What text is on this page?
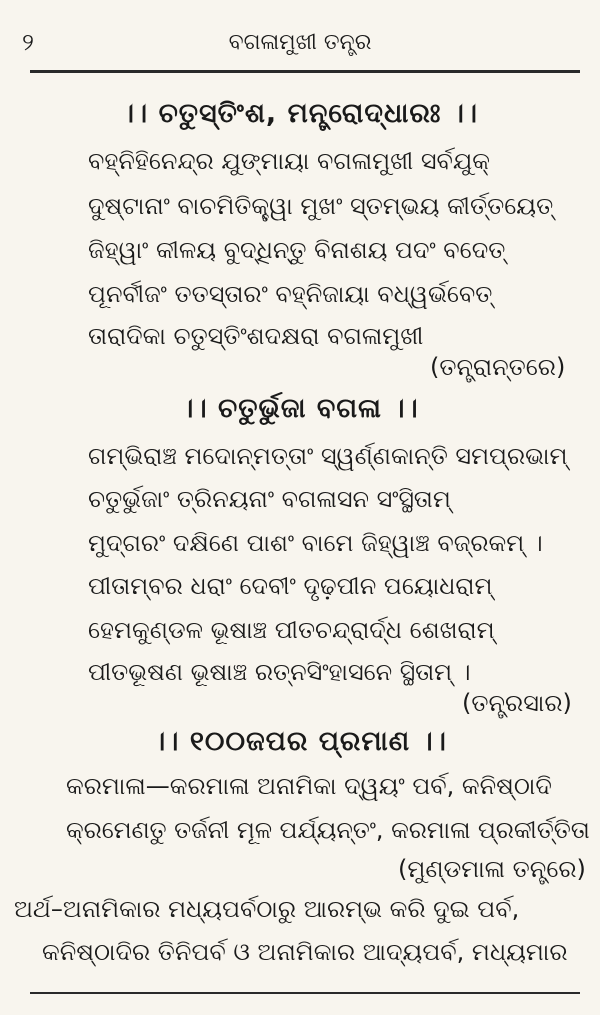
୨	ବଗଳାମୁଖୀ ତନ୍ତ୍ର
।। ଚତୁସ୍ତିଂଶ, ମନ୍ତ୍ରୋଦ୍ଧାରଃ ।।
ବହ୍ନିହିନେନ୍ଦ୍ର ଯୁଙ୍ମାୟା ବଗଳାମୁଖୀ ସର୍ବଯୁକ୍
ଦୁଷ୍ଟାନାଂ ବାଚମିତିକ୍ତ୍ୱା ମୁଖଂ ସ୍ତମ୍ଭୟ କୀର୍ତ୍ତୟେତ୍
ଜିହ୍ୱାଂ କୀଳୟ ବୁଦ୍ଧିନ୍ତୁ ବିନାଶୟ ପଦଂ ବଦେତ୍
ପୂନର୍ବୀଜଂ ତତସ୍ତାରଂ ବହ୍ନିଜାୟା ବଧ୍ୱର୍ଭବେତ୍
ତାରାଦିକା ଚତୁସ୍ତିଂଶଦକ୍ଷରା ବଗଳାମୁଖୀ
(ତନ୍ତ୍ରାନ୍ତରେ)
।। ଚତୁର୍ଭୁଜା ବଗଳା ।।
ଗମ୍ଭିରାଞ୍ଚ ମଦୋନ୍ମତ୍ତାଂ ସ୍ୱର୍ଣ୍ଣକାନ୍ତି ସମପ୍ରଭାମ୍
ଚତୁର୍ଭୁଜାଂ ତ୍ରିନୟନାଂ ବଗଳାସନ ସଂସ୍ଥିତାମ୍
ମୁଦ୍‌ଗରଂ ଦକ୍ଷିଣେ ପାଶଂ ବାମେ ଜିହ୍ୱାଞ୍ଚ ବଜ୍ରକମ୍ ।
ପୀତାମ୍ବର ଧରାଂ ଦେବୀଂ ଦୃଢ଼ପୀନ ପୟୋଧରାମ୍
ହେମକୁଣ୍ଡଳ ଭୂଷାଞ୍ଚ ପୀତଚନ୍ଦ୍ରାର୍ଦ୍ଧ ଶେଖରାମ୍
ପୀତଭୂଷଣ ଭୂଷାଞ୍ଚ ରତ୍ନସିଂହାସନେ ସ୍ଥିତାମ୍ ।
(ତନ୍ତ୍ରସାର)
।। ୧୦୦ଜପର ପ୍ରମାଣ ।।
କରମାଳା—କରମାଳା ଅନାମିକା ଦ୍ୱୟଂ ପର୍ବ, କନିଷ୍ଠାଦି
କ୍ରମେଣତୁ ତର୍ଜନୀ ମୂଳ ପର୍ଯ୍ୟନ୍ତଂ, କରମାଳା ପ୍ରକୀର୍ତ୍ତିତା
(ମୁଣ୍ଡମାଳା ତନ୍ତ୍ରେ)
ଅର୍ଥ–ଅନାମିକାର ମଧ୍ୟପର୍ବଠାରୁ ଆରମ୍ଭ କରି ଦୁଇ ପର୍ବ,
କନିଷ୍ଠାଦିର ତିନିପର୍ବ ଓ ଅନାମିକାର ଆଦ୍ୟପର୍ବ, ମଧ୍ୟମାର
